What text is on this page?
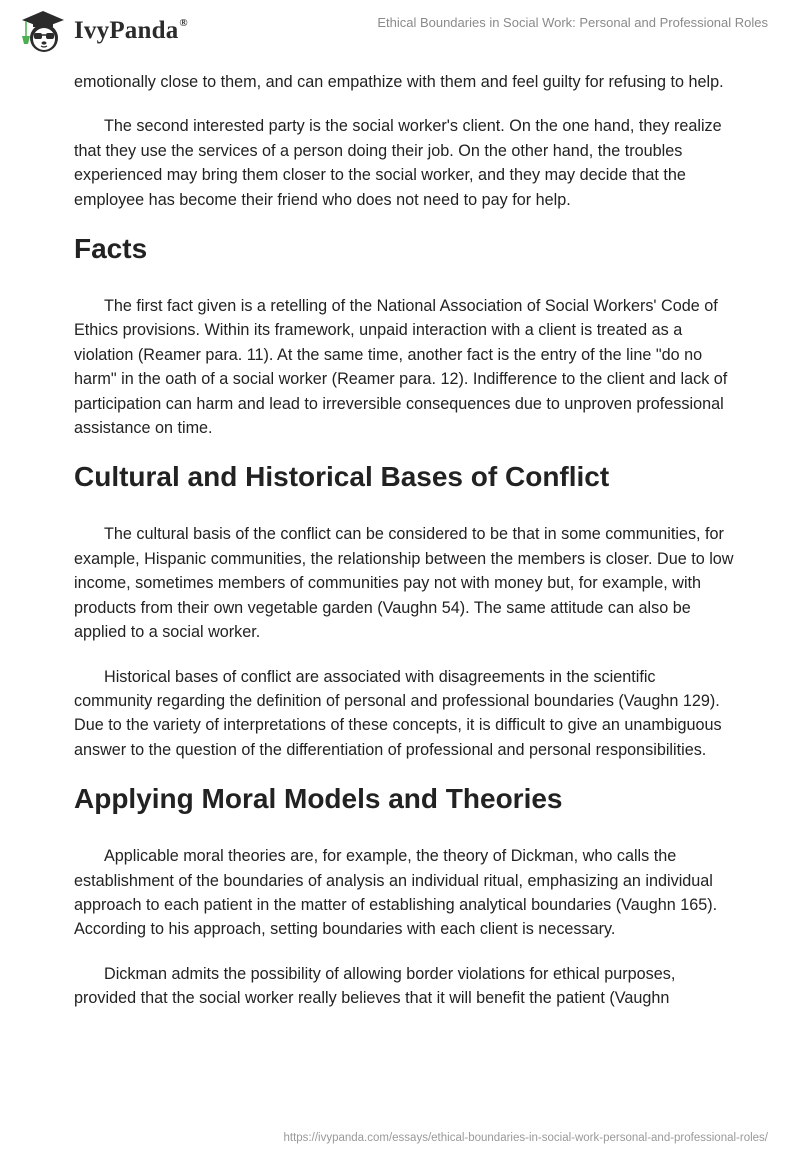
IvyPanda®	Ethical Boundaries in Social Work: Personal and Professional Roles

emotionally close to them, and can empathize with them and feel guilty for refusing to help.

The second interested party is the social worker's client. On the one hand, they realize that they use the services of a person doing their job. On the other hand, the troubles experienced may bring them closer to the social worker, and they may decide that the employee has become their friend who does not need to pay for help.

Facts

The first fact given is a retelling of the National Association of Social Workers' Code of Ethics provisions. Within its framework, unpaid interaction with a client is treated as a violation (Reamer para. 11). At the same time, another fact is the entry of the line "do no harm" in the oath of a social worker (Reamer para. 12). Indifference to the client and lack of participation can harm and lead to irreversible consequences due to unproven professional assistance on time.

Cultural and Historical Bases of Conflict

The cultural basis of the conflict can be considered to be that in some communities, for example, Hispanic communities, the relationship between the members is closer. Due to low income, sometimes members of communities pay not with money but, for example, with products from their own vegetable garden (Vaughn 54). The same attitude can also be applied to a social worker.

Historical bases of conflict are associated with disagreements in the scientific community regarding the definition of personal and professional boundaries (Vaughn 129). Due to the variety of interpretations of these concepts, it is difficult to give an unambiguous answer to the question of the differentiation of professional and personal responsibilities.

Applying Moral Models and Theories

Applicable moral theories are, for example, the theory of Dickman, who calls the establishment of the boundaries of analysis an individual ritual, emphasizing an individual approach to each patient in the matter of establishing analytical boundaries (Vaughn 165). According to his approach, setting boundaries with each client is necessary.

Dickman admits the possibility of allowing border violations for ethical purposes, provided that the social worker really believes that it will benefit the patient (Vaughn

https://ivypanda.com/essays/ethical-boundaries-in-social-work-personal-and-professional-roles/
